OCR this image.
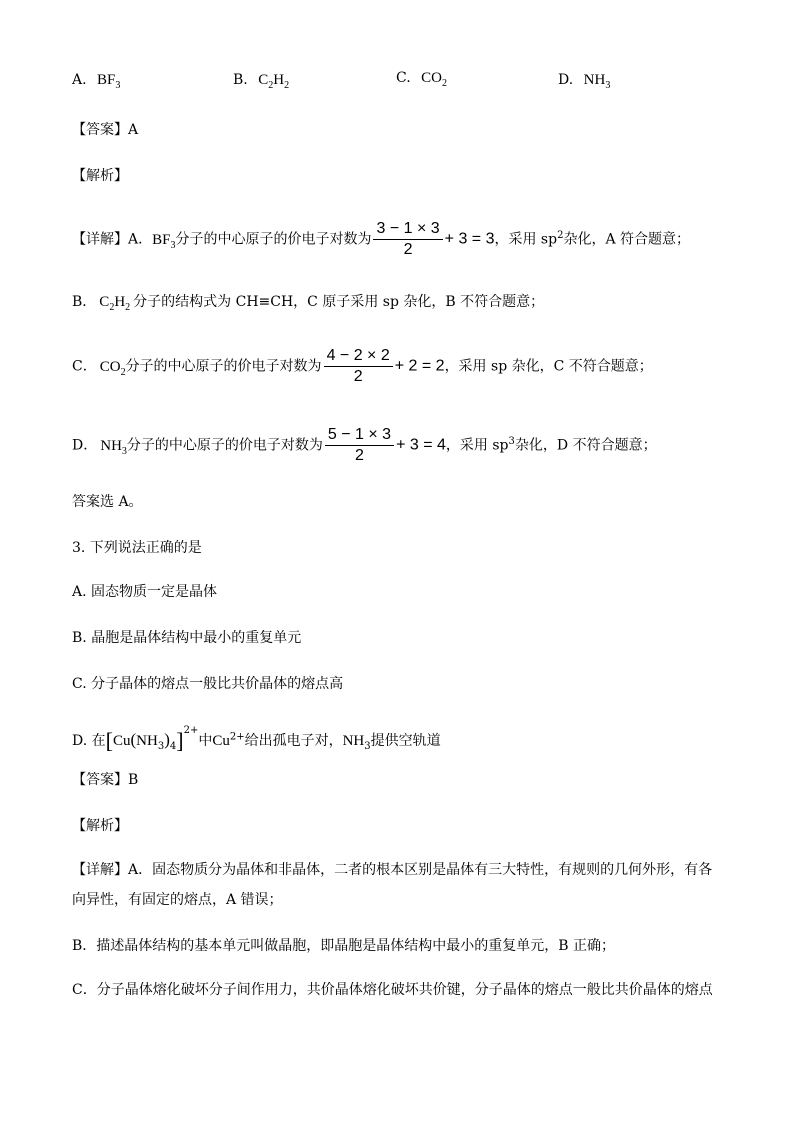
A. $BF_3$	B. $C_2H_2$	C. $CO_2$	D. $NH_3$
【答案】A
【解析】
【详解】A．$BF_3$分子的中心原子的价电子对数为 $\frac{3 - 1 \times 3}{2} + 3 = 3$，采用 $sp^2$杂化，A 符合题意；
B． $C_2H_2$ 分子的结构式为 CH≡CH，C 原子采用 sp 杂化，B 不符合题意；
C． $CO_2$分子的中心原子的价电子对数为 $\frac{4 - 2 \times 2}{2} + 2 = 2$，采用 sp 杂化，C 不符合题意；
D． $NH_3$分子的中心原子的价电子对数为 $\frac{5 - 1 \times 3}{2} + 3 = 4$，采用 $sp^3$杂化，D 不符合题意；
答案选 A。
3. 下列说法正确的是
A. 固态物质一定是晶体
B. 晶胞是晶体结构中最小的重复单元
C. 分子晶体的熔点一般比共价晶体的熔点高
D. 在$[Cu(NH_3)_4]^{2+}$中$Cu^{2+}$给出孤电子对，$NH_3$提供空轨道
【答案】B
【解析】
【详解】A．固态物质分为晶体和非晶体，二者的根本区别是晶体有三大特性，有规则的几何外形，有各
向异性，有固定的熔点，A 错误；
B．描述晶体结构的基本单元叫做晶胞，即晶胞是晶体结构中最小的重复单元，B 正确；
C．分子晶体熔化破坏分子间作用力，共价晶体熔化破坏共价键，分子晶体的熔点一般比共价晶体的熔点
